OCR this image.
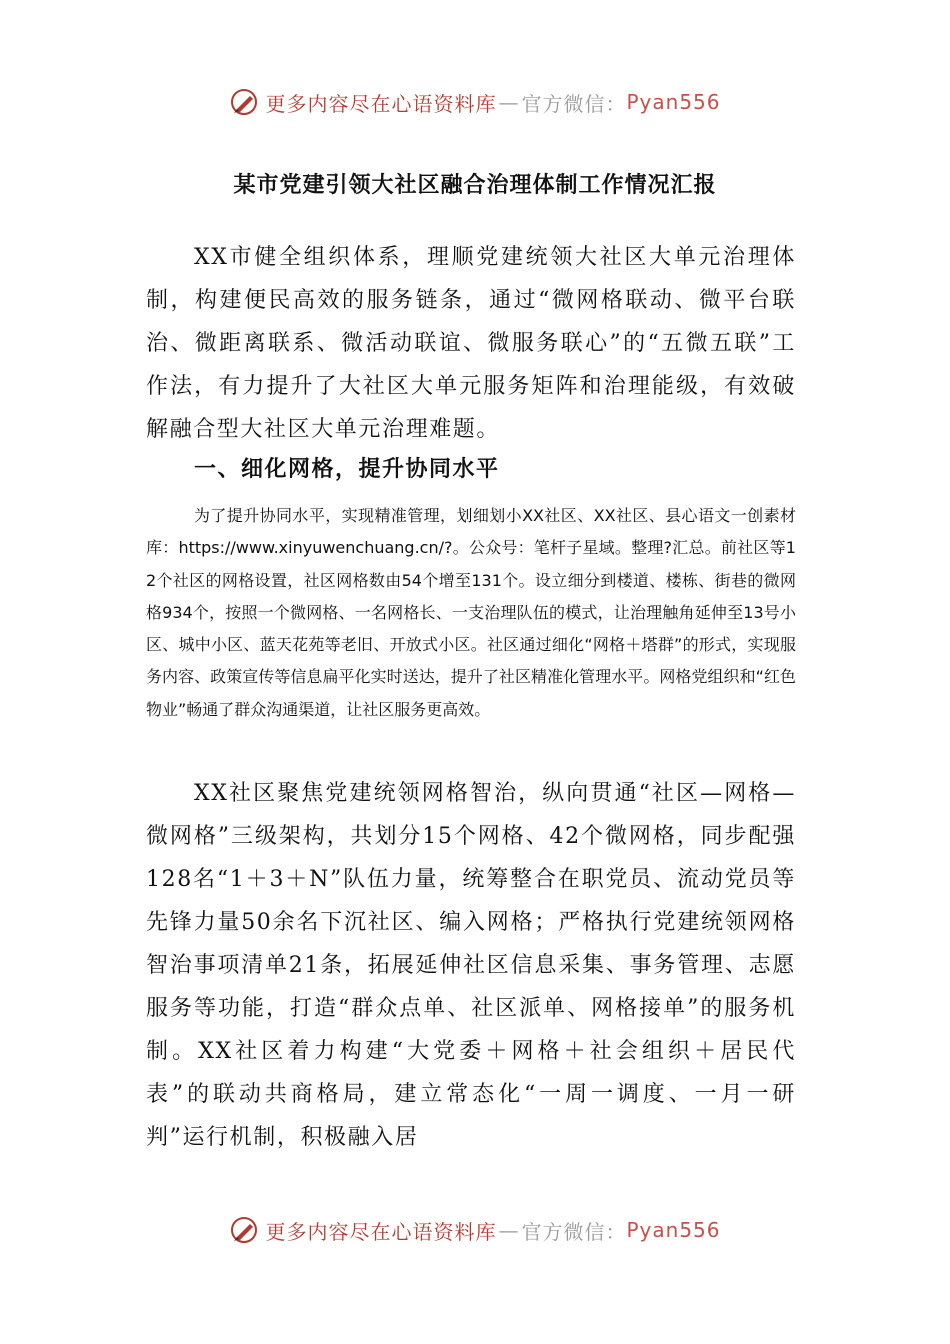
更多内容尽在心语资料库 — 官方微信： Pyan556
某市党建引领大社区融合治理体制工作情况汇报

XX市健全组织体系，理顺党建统领大社区大单元治理体制，构建便民高效的服务链条，通过“微网格联动、微平台联治、微距离联系、微活动联谊、微服务联心”的“五微五联”工作法，有力提升了大社区大单元服务矩阵和治理能级，有效破解融合型大社区大单元治理难题。

一、细化网格，提升协同水平

为了提升协同水平，实现精准管理，划细划小XX社区、XX社区、县心语文一创素材库：https://www.xinyuwenchuang.cn/?。公众号：笔杆子星域。整理?汇总。前社区等12个社区的网格设置，社区网格数由54个增至131个。设立细分到楼道、楼栋、街巷的微网格934个，按照一个微网格、一名网格长、一支治理队伍的模式，让治理触角延伸至13号小区、城中小区、蓝天花苑等老旧、开放式小区。社区通过细化“网格＋塔群”的形式，实现服务内容、政策宣传等信息扁平化实时送达，提升了社区精准化管理水平。网格党组织和“红色物业”畅通了群众沟通渠道，让社区服务更高效。

XX社区聚焦党建统领网格智治，纵向贯通“社区—网格—微网格”三级架构，共划分15个网格、42个微网格，同步配强128名“1＋3＋N”队伍力量，统筹整合在职党员、流动党员等先锋力量50余名下沉社区、编入网格；严格执行党建统领网格智治事项清单21条，拓展延伸社区信息采集、事务管理、志愿服务等功能，打造“群众点单、社区派单、网格接单”的服务机制。XX社区着力构建“大党委＋网格＋社会组织＋居民代表”的联动共商格局，建立常态化“一周一调度、一月一研判”运行机制，积极融入居

更多内容尽在心语资料库 — 官方微信： Pyan556
